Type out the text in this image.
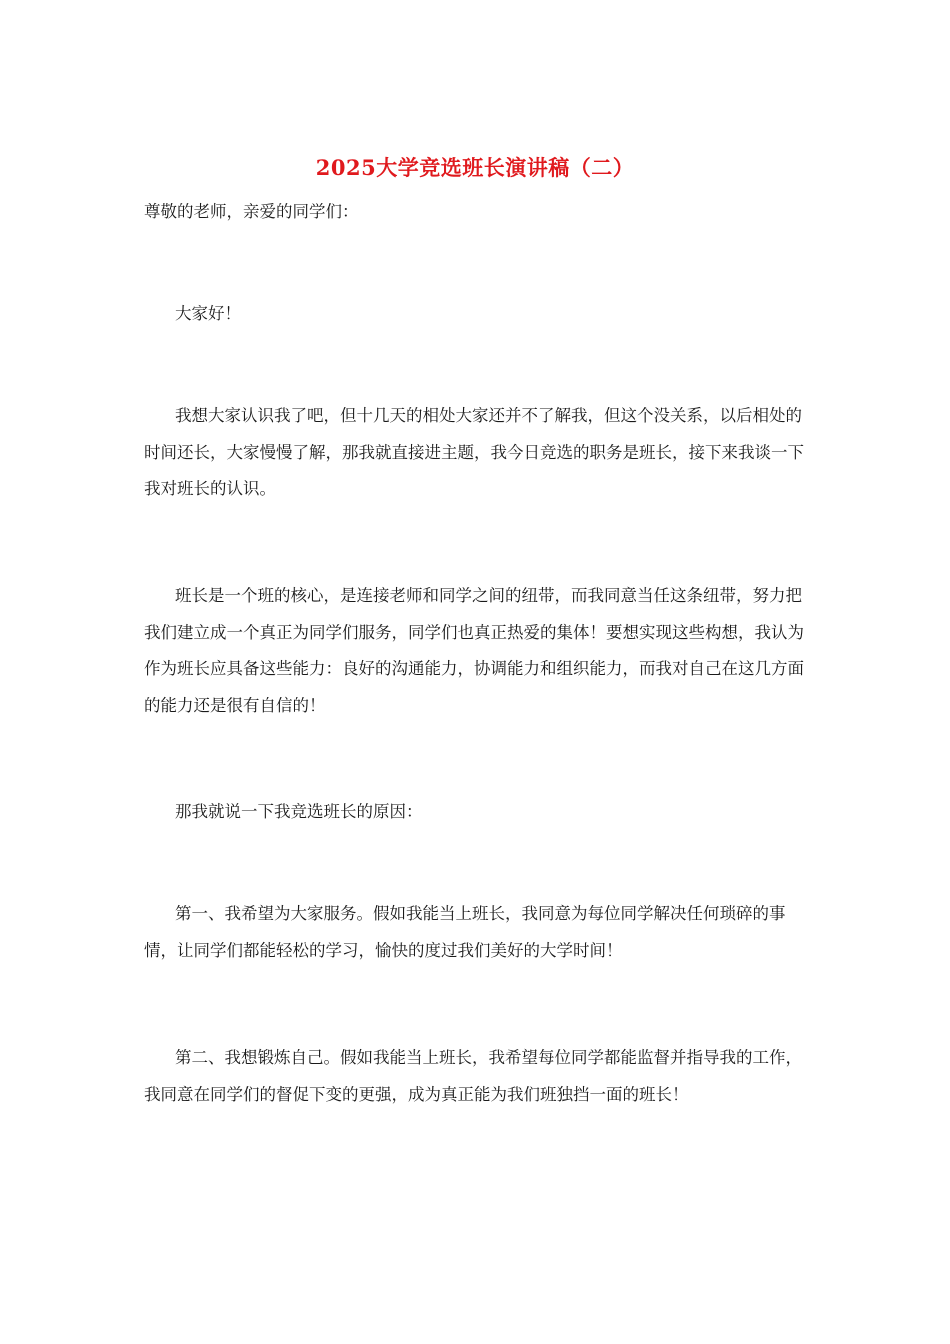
2025大学竞选班长演讲稿（二）

尊敬的老师，亲爱的同学们：

大家好！

我想大家认识我了吧，但十几天的相处大家还并不了解我，但这个没关系，以后相处的时间还长，大家慢慢了解，那我就直接进主题，我今日竞选的职务是班长，接下来我谈一下我对班长的认识。

班长是一个班的核心，是连接老师和同学之间的纽带，而我同意当任这条纽带，努力把我们建立成一个真正为同学们服务，同学们也真正热爱的集体！要想实现这些构想，我认为作为班长应具备这些能力：良好的沟通能力，协调能力和组织能力，而我对自己在这几方面的能力还是很有自信的！

那我就说一下我竞选班长的原因：

第一、我希望为大家服务。假如我能当上班长，我同意为每位同学解决任何琐碎的事情，让同学们都能轻松的学习，愉快的度过我们美好的大学时间！

第二、我想锻炼自己。假如我能当上班长，我希望每位同学都能监督并指导我的工作，我同意在同学们的督促下变的更强，成为真正能为我们班独挡一面的班长！
